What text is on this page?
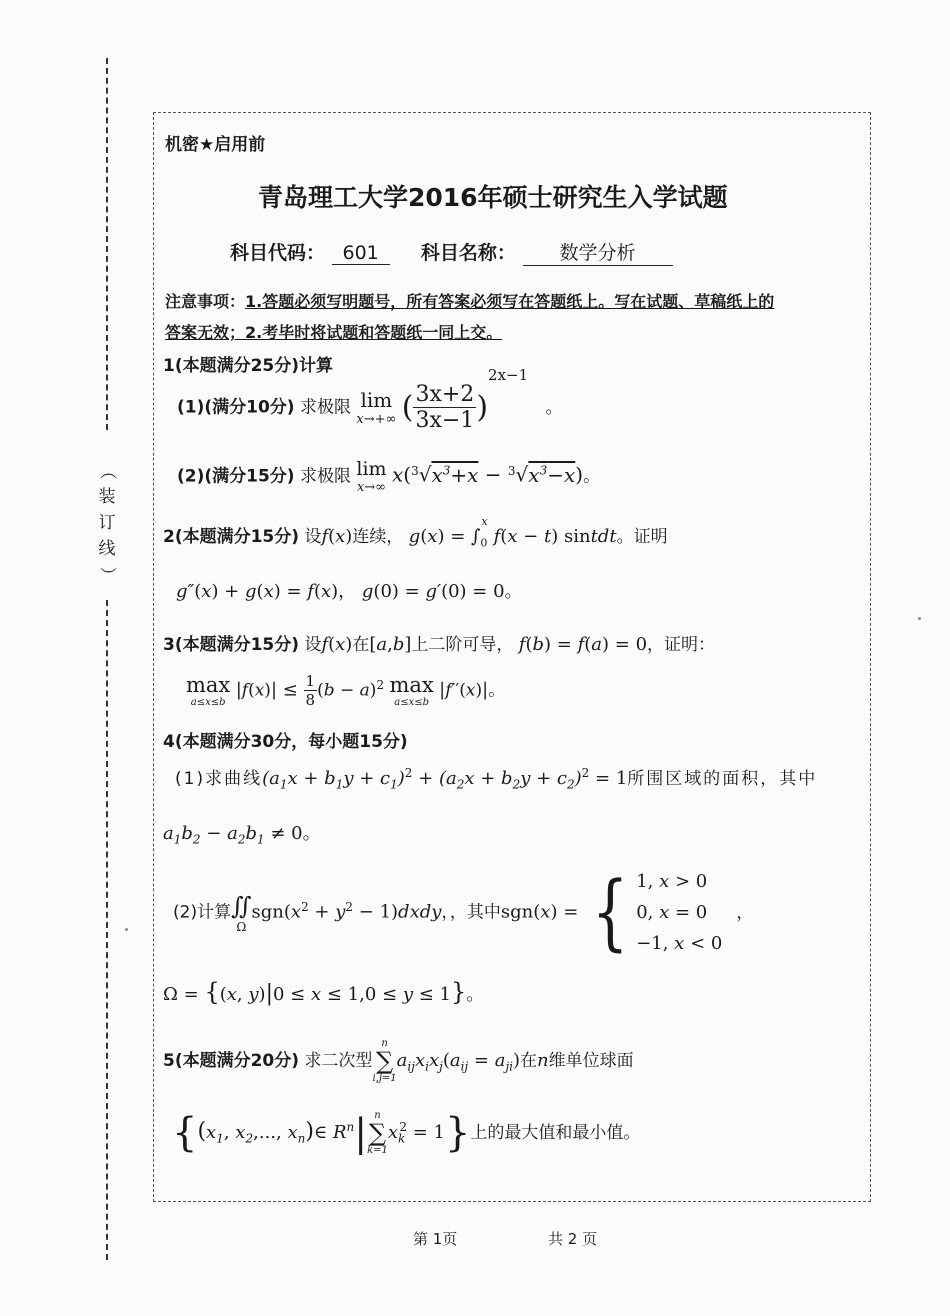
（
装
订
线
）
机密★启用前
青岛理工大学2016年硕士研究生入学试题
科目代码： 601 科目名称： 数学分析
注意事项：1.答题必须写明题号，所有答案必须写在答题纸上。写在试题、草稿纸上的
答案无效；2.考毕时将试题和答题纸一同上交。
1(本题满分25分)计算
(1)(满分10分) 求极限 lim
x→+∞ ( $\frac{3x+2}{3x-1} )^{2x-1}$ 。
(2)(满分15分) 求极限 lim
x→∞
$x(^3√x^3+x - ^3√x^3-x)$。
2(本题满分15分) 设f(x)连续， $g(x) = \int_0^xf(x - t)$ sintdt。证明
g″(x) + g(x) = f(x)， g(0) = g′(0) = 0。
3(本题满分15分) 设f(x)在[a,b]上二阶可导， f(b) = f(a) = 0，证明：
max
a≤x≤b
$|f(x)| \le \frac{1}{8} (b - a)^2$ max
a≤x≤b
|f′′(x)|。
4(本题满分30分，每小题15分)
(1)求曲线$(a_1x + b_1y + c_1)^2 + (a_2x + b_2y + c_2)^2 = 1$所围区域的面积，其中
$a_1b_2 - a_2b_1 \ne 0$。
(2)计算 ∬
Ω
$sgn(x^2 + y^2$ − 1)dxdy，，其中sgn(x) = { 1, x > 0
0, x = 0
−1, x < 0
，
Ω = {(x, y)|0 ≤ x ≤ 1,0 ≤ y ≤ 1}。
5(本题满分20分) 求二次型
n
∑
i,j=1
$a_{ij}x_ix_j(a_{ij} = a_{ji})$在n维单位球面
{($x_1$, $x_2$,..., $x_n)\in$ $R^n|$ n
∑
k=1
$x_k^2 = 1$}上的最大值和最小值。
第 1页	共 2 页
